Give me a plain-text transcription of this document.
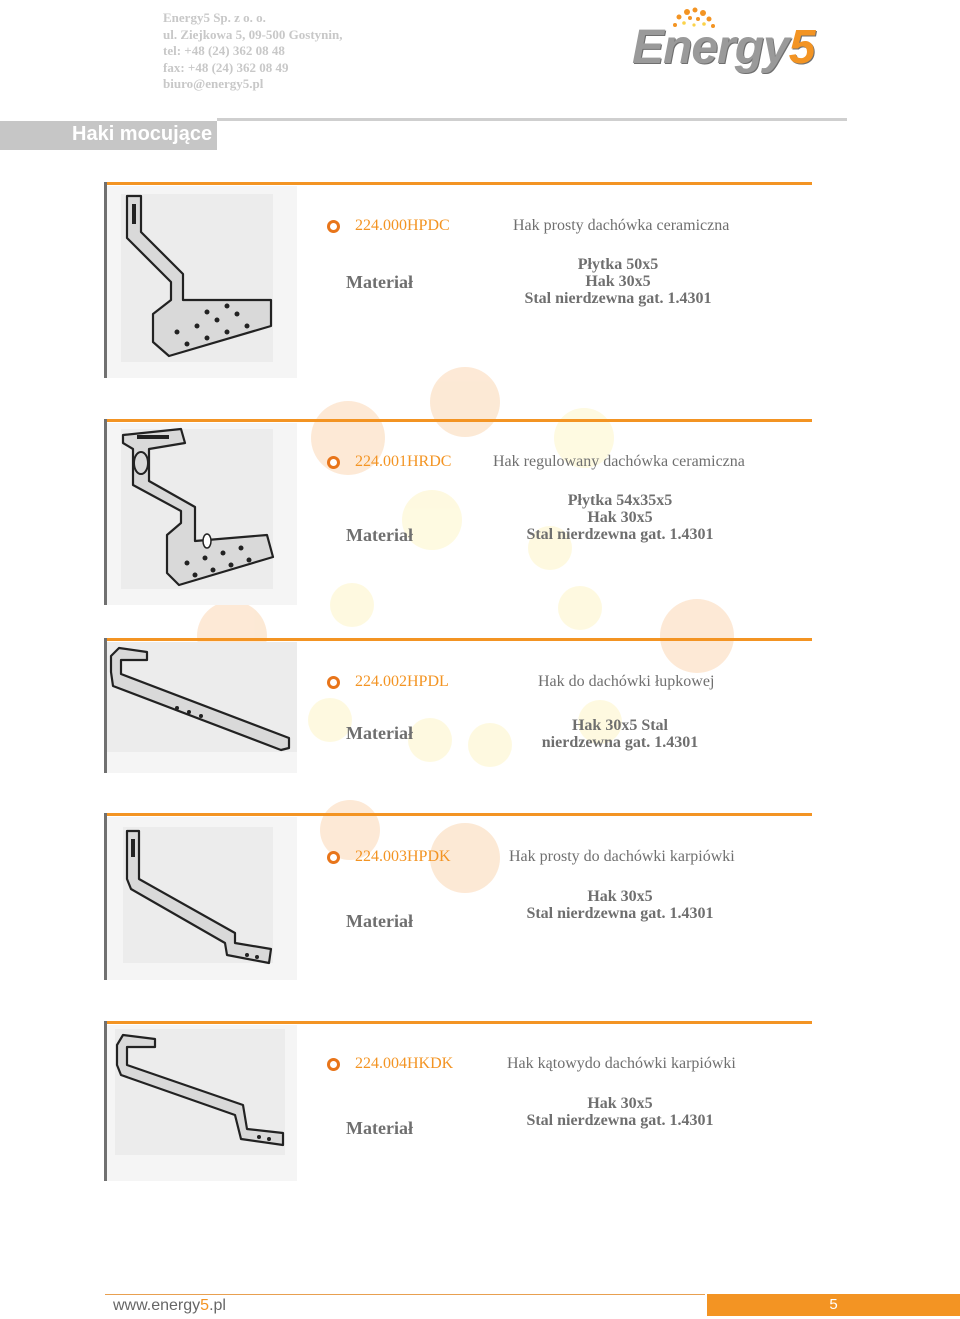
Energy5 Sp. z o. o.
ul. Ziejkowa 5, 09-500 Gostynin,
tel: +48 (24) 362 08 48
fax: +48 (24) 362 08 49
biuro@energy5.pl
Energy5
Haki mocujące
224.000HPDC	Hak prosty dachówka ceramiczna
Materiał
Płytka 50x5
Hak 30x5
Stal nierdzewna gat. 1.4301
224.001HRDC	Hak regulowany dachówka ceramiczna
Materiał
Płytka 54x35x5
Hak 30x5
Stal nierdzewna gat. 1.4301
224.002HPDL	Hak do dachówki łupkowej
Materiał	Hak 30x5 Stal
nierdzewna gat. 1.4301
224.003HPDK	Hak prosty do dachówki karpiówki
Materiał
Hak 30x5
Stal nierdzewna gat. 1.4301
224.004HKDK	Hak kątowydo dachówki karpiówki
Materiał
Hak 30x5
Stal nierdzewna gat. 1.4301
www.energy5.pl	5
